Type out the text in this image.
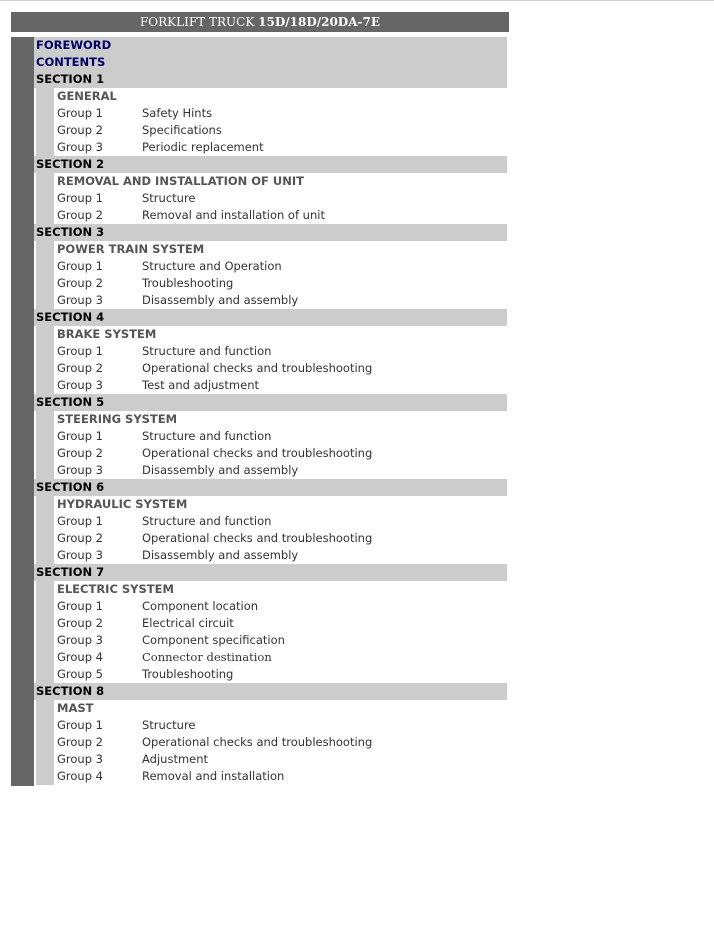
FORKLIFT TRUCK 15D/18D/20DA-7E
FOREWORD
CONTENTS
SECTION 1
GENERAL
Group 1	Safety Hints
Group 2	Specifications
Group 3	Periodic replacement
SECTION 2
REMOVAL AND INSTALLATION OF UNIT
Group 1	Structure
Group 2	Removal and installation of unit
SECTION 3
POWER TRAIN SYSTEM
Group 1	Structure and Operation
Group 2	Troubleshooting
Group 3	Disassembly and assembly
SECTION 4
BRAKE SYSTEM
Group 1	Structure and function
Group 2	Operational checks and troubleshooting
Group 3	Test and adjustment
SECTION 5
STEERING SYSTEM
Group 1	Structure and function
Group 2	Operational checks and troubleshooting
Group 3	Disassembly and assembly
SECTION 6
HYDRAULIC SYSTEM
Group 1	Structure and function
Group 2	Operational checks and troubleshooting
Group 3	Disassembly and assembly
SECTION 7
ELECTRIC SYSTEM
Group 1	Component location
Group 2	Electrical circuit
Group 3	Component specification
Group 4	Connector destination
Group 5	Troubleshooting
SECTION 8
MAST
Group 1	Structure
Group 2	Operational checks and troubleshooting
Group 3	Adjustment
Group 4	Removal and installation
